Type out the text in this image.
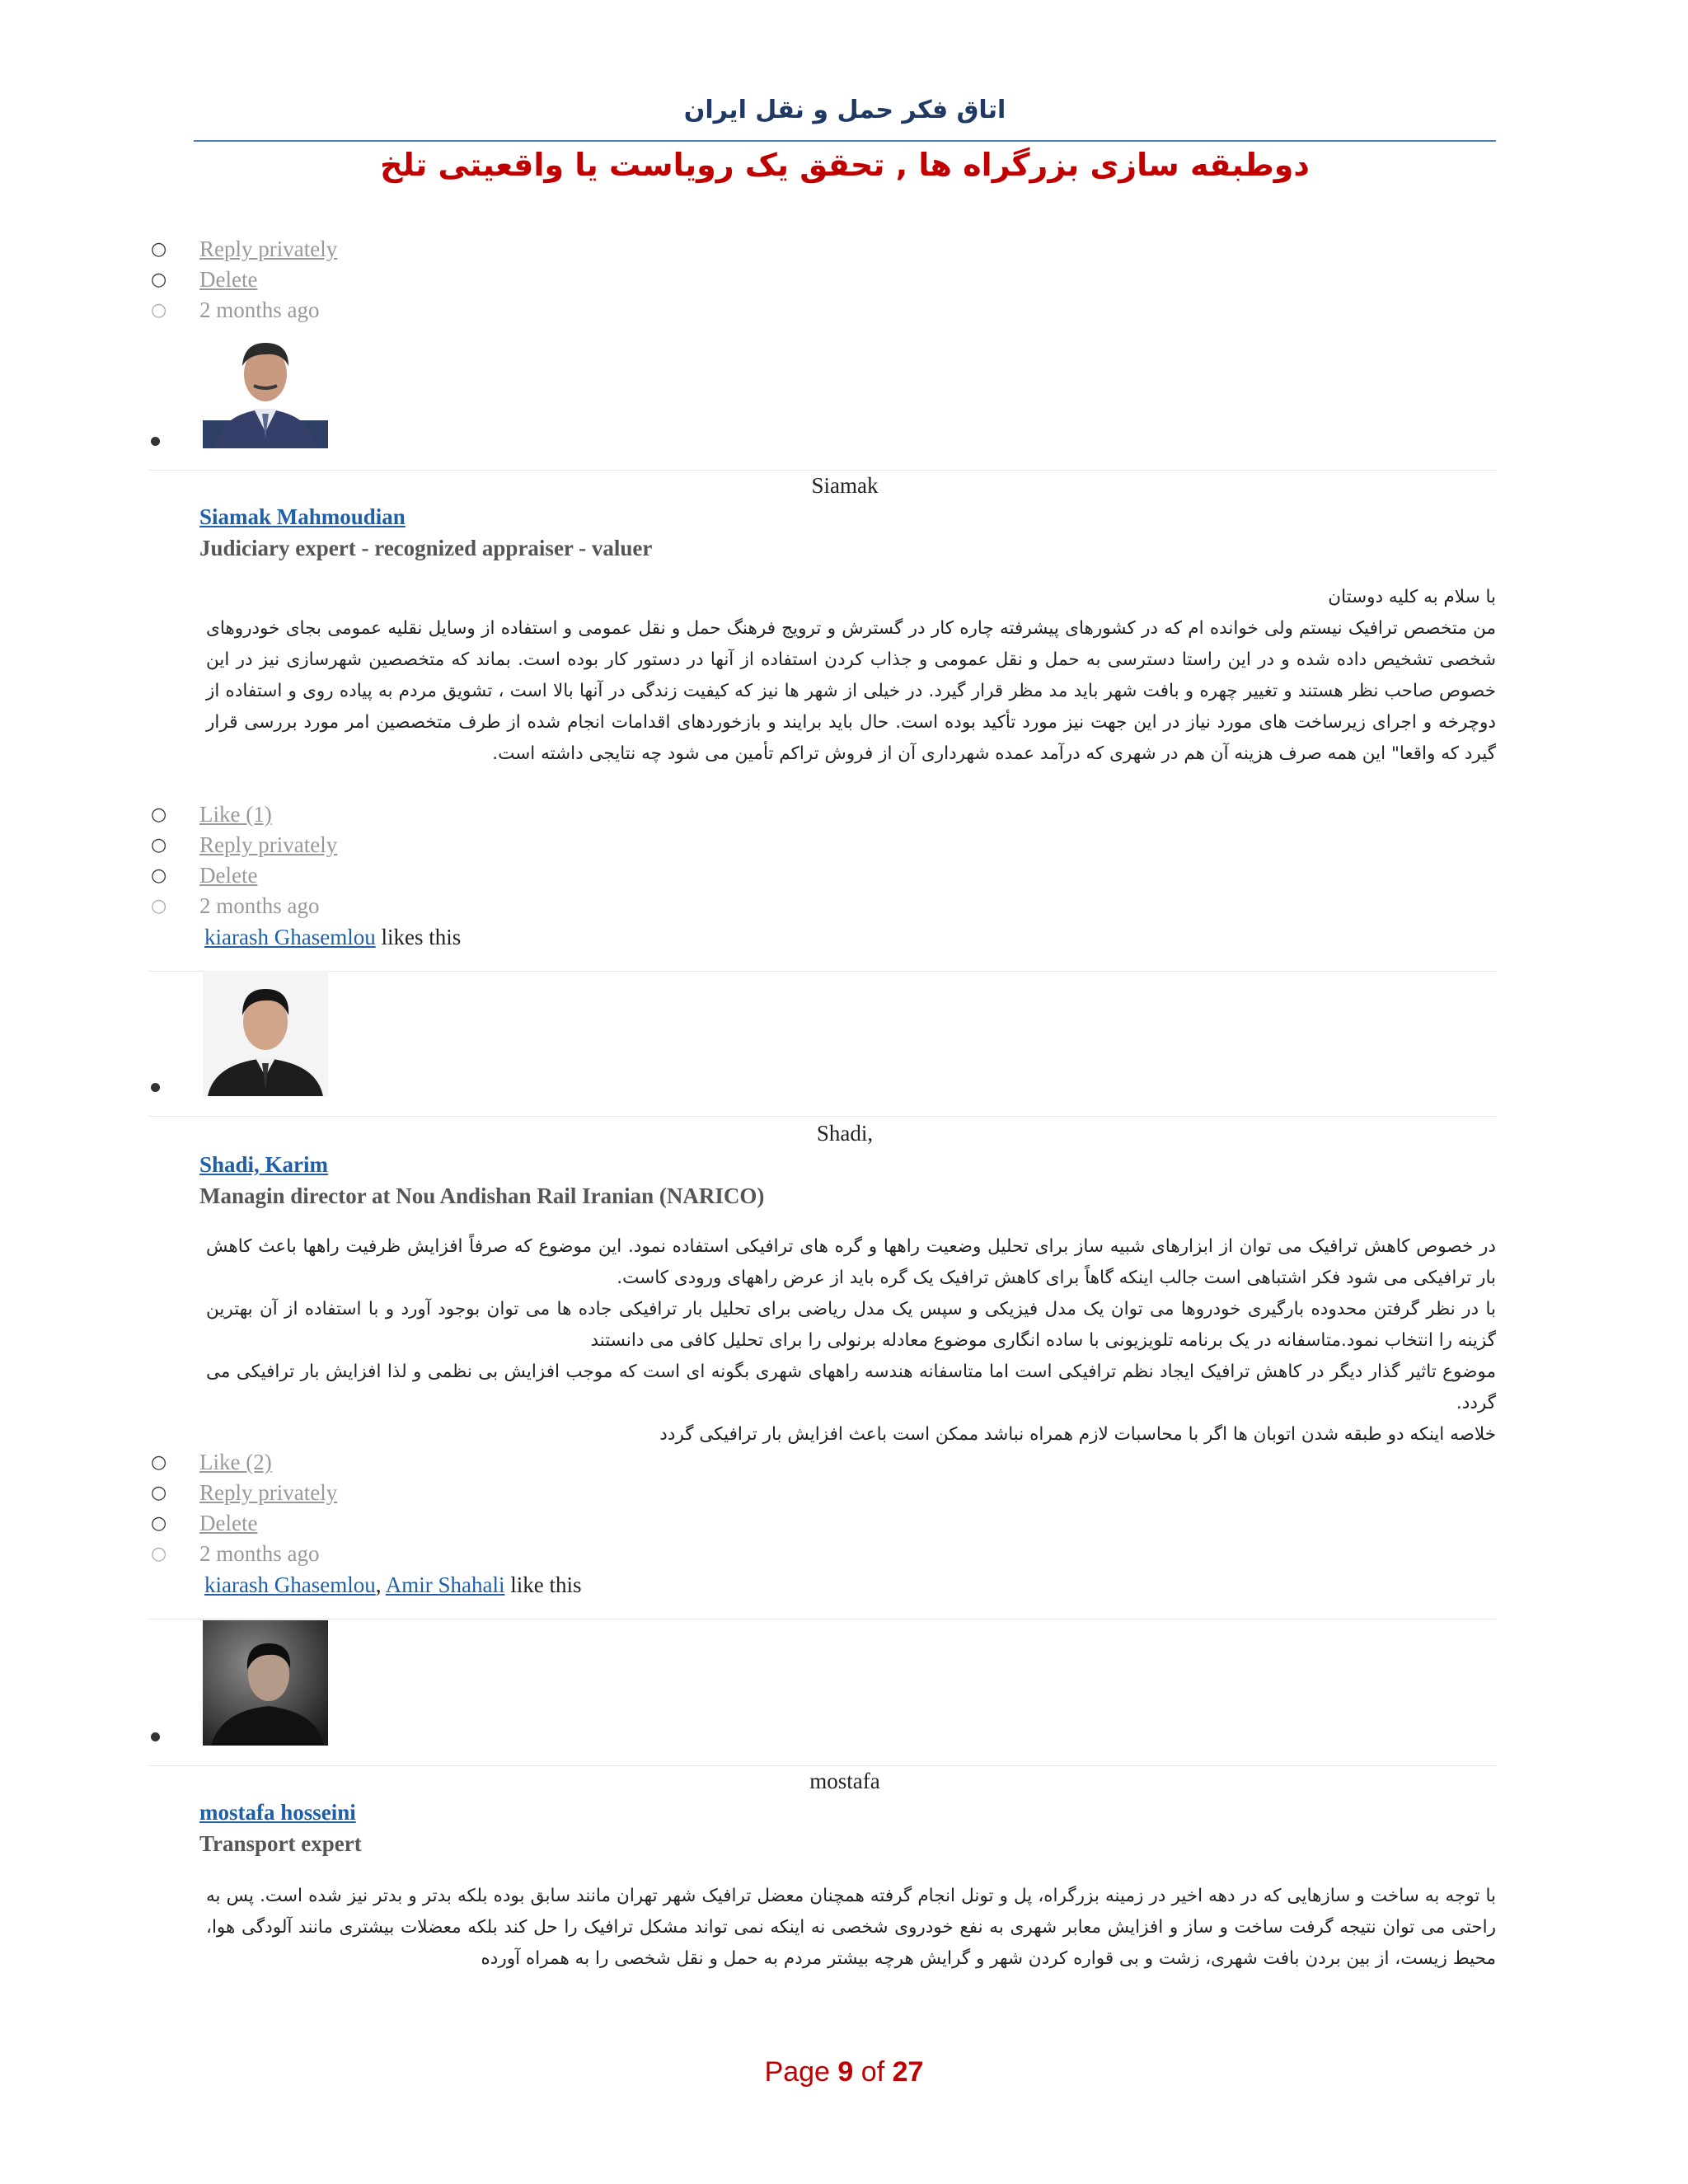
اتاق فکر حمل و نقل ایران
دوطبقه سازی بزرگراه ها , تحقق یک رویاست یا واقعیتی تلخ
○ Reply privately
○ Delete
○ 2 months ago
Siamak
Siamak Mahmoudian
Judiciary expert - recognized appraiser - valuer

با سلام به کلیه دوستان

من متخصص ترافیک نیستم ولی خوانده ام که در کشورهای پیشرفته چاره کار در گسترش و ترویج فرهنگ حمل و نقل عمومی و استفاده از وسایل نقلیه عمومی بجای خودروهای شخصی تشخیص داده شده و در این راستا دسترسی به حمل و نقل عمومی و جذاب کردن استفاده از آنها در دستور کار بوده است. بماند که متخصصین شهرسازی نیز در این خصوص صاحب نظر هستند و تغییر چهره و بافت شهر باید مد مظر قرار گیرد. در خیلی از شهر ها نیز که کیفیت زندگی در آنها بالا است ، تشویق مردم به پیاده روی و استفاده از دوچرخه و اجرای زیرساخت های مورد نیاز در این جهت نیز مورد تأکید بوده است. حال باید برایند و بازخوردهای اقدامات انجام شده از طرف متخصصین امر مورد بررسی قرار گیرد که واقعا" این همه صرف هزینه آن هم در شهری که درآمد عمده شهرداری آن از فروش تراکم تأمین می شود چه نتایجی داشته است.

○ Like (1)
○ Reply privately
○ Delete
○ 2 months ago
kiarash Ghasemlou likes this
Shadi,
Shadi, Karim
Managin director at Nou Andishan Rail Iranian (NARICO)

در خصوص کاهش ترافیک می توان از ابزارهای شبیه ساز برای تحلیل وضعیت راهها و گره های ترافیکی استفاده نمود. این موضوع که صرفاً افزایش ظرفیت راهها باعث کاهش بار ترافیکی می شود فکر اشتباهی است جالب اینکه گاهاً برای کاهش ترافیک یک گره باید از عرض راههای ورودی کاست.

با در نظر گرفتن محدوده بارگیری خودروها می توان یک مدل فیزیکی و سپس یک مدل ریاضی برای تحلیل بار ترافیکی جاده ها می توان بوجود آورد و با استفاده از آن بهترین گزینه را انتخاب نمود.متاسفانه در یک برنامه تلویزیونی با ساده انگاری موضوع معادله برنولی را برای تحلیل کافی می دانستند

موضوع تاثیر گذار دیگر در کاهش ترافیک ایجاد نظم ترافیکی است اما متاسفانه هندسه راههای شهری بگونه ای است که موجب افزایش بی نظمی و لذا افزایش بار ترافیکی می گردد.

خلاصه اینکه دو طبقه شدن اتوبان ها اگر با محاسبات لازم همراه نباشد ممکن است باعث افزایش بار ترافیکی گردد

○ Like (2)
○ Reply privately
○ Delete
○ 2 months ago
kiarash Ghasemlou, Amir Shahali like this
mostafa
mostafa hosseini
Transport expert

با توجه به ساخت و سازهایی که در دهه اخیر در زمینه بزرگراه، پل و تونل انجام گرفته همچنان معضل ترافیک شهر تهران مانند سابق بوده بلکه بدتر و بدتر نیز شده است. پس به راحتی می توان نتیجه گرفت ساخت و ساز و افزایش معابر شهری به نفع خودروی شخصی نه اینکه نمی تواند مشکل ترافیک را حل کند بلکه معضلات بیشتری مانند آلودگی هوا، محیط زیست، از بین بردن بافت شهری، زشت و بی قواره کردن شهر و گرایش هرچه بیشتر مردم به حمل و نقل شخصی را به همراه آورده

Page 9 of 27
